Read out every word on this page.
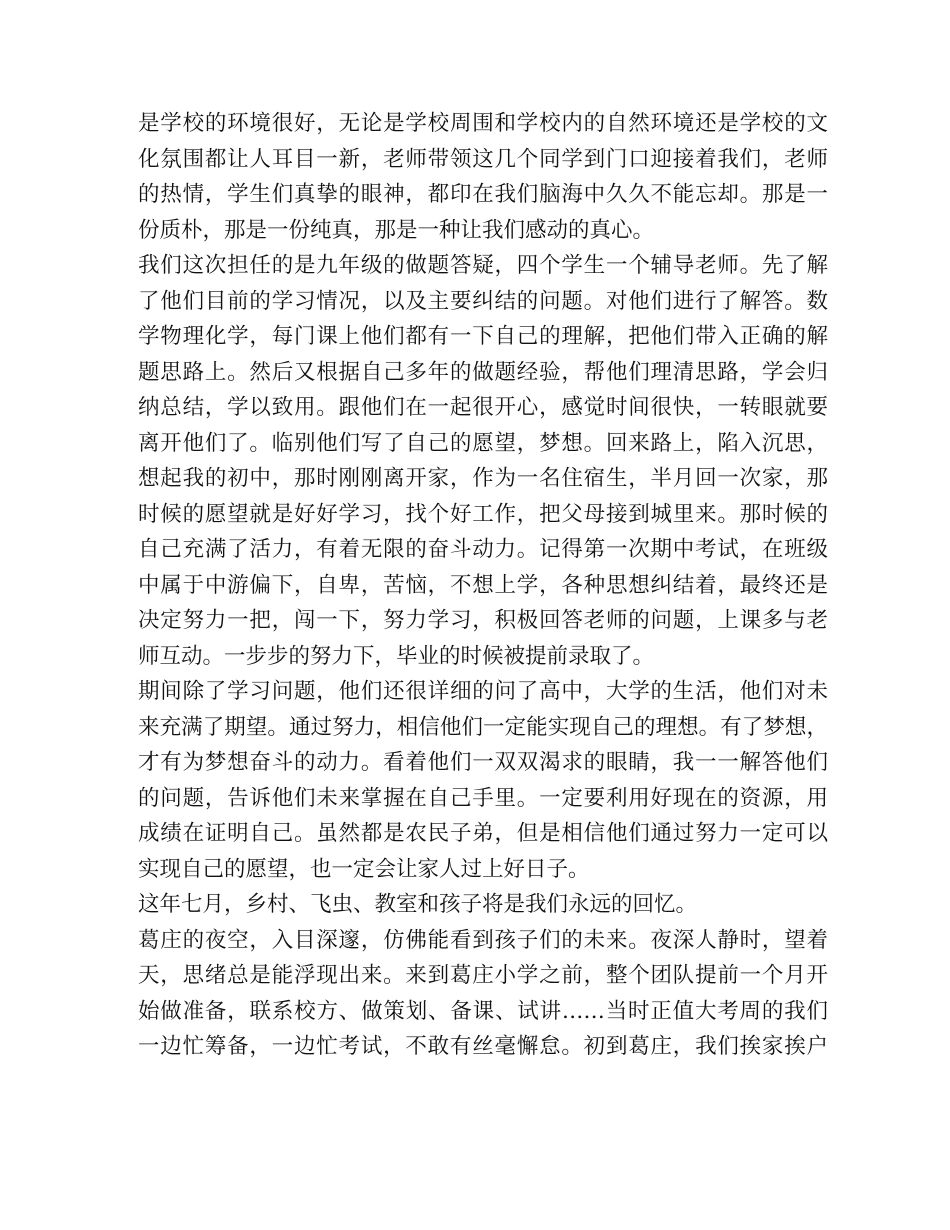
是学校的环境很好，无论是学校周围和学校内的自然环境还是学校的文
化氛围都让人耳目一新，老师带领这几个同学到门口迎接着我们，老师
的热情，学生们真挚的眼神，都印在我们脑海中久久不能忘却。那是一
份质朴，那是一份纯真，那是一种让我们感动的真心。
我们这次担任的是九年级的做题答疑，四个学生一个辅导老师。先了解
了他们目前的学习情况，以及主要纠结的问题。对他们进行了解答。数
学物理化学，每门课上他们都有一下自己的理解，把他们带入正确的解
题思路上。然后又根据自己多年的做题经验，帮他们理清思路，学会归
纳总结，学以致用。跟他们在一起很开心，感觉时间很快，一转眼就要
离开他们了。临别他们写了自己的愿望，梦想。回来路上，陷入沉思，
想起我的初中，那时刚刚离开家，作为一名住宿生，半月回一次家，那
时候的愿望就是好好学习，找个好工作，把父母接到城里来。那时候的
自己充满了活力，有着无限的奋斗动力。记得第一次期中考试，在班级
中属于中游偏下，自卑，苦恼，不想上学，各种思想纠结着，最终还是
决定努力一把，闯一下，努力学习，积极回答老师的问题，上课多与老
师互动。一步步的努力下，毕业的时候被提前录取了。
期间除了学习问题，他们还很详细的问了高中，大学的生活，他们对未
来充满了期望。通过努力，相信他们一定能实现自己的理想。有了梦想，
才有为梦想奋斗的动力。看着他们一双双渴求的眼睛，我一一解答他们
的问题，告诉他们未来掌握在自己手里。一定要利用好现在的资源，用
成绩在证明自己。虽然都是农民子弟，但是相信他们通过努力一定可以
实现自己的愿望，也一定会让家人过上好日子。
这年七月，乡村、飞虫、教室和孩子将是我们永远的回忆。
葛庄的夜空，入目深邃，仿佛能看到孩子们的未来。夜深人静时，望着
天，思绪总是能浮现出来。来到葛庄小学之前，整个团队提前一个月开
始做准备，联系校方、做策划、备课、试讲……当时正值大考周的我们
一边忙筹备，一边忙考试，不敢有丝毫懈怠。初到葛庄，我们挨家挨户
